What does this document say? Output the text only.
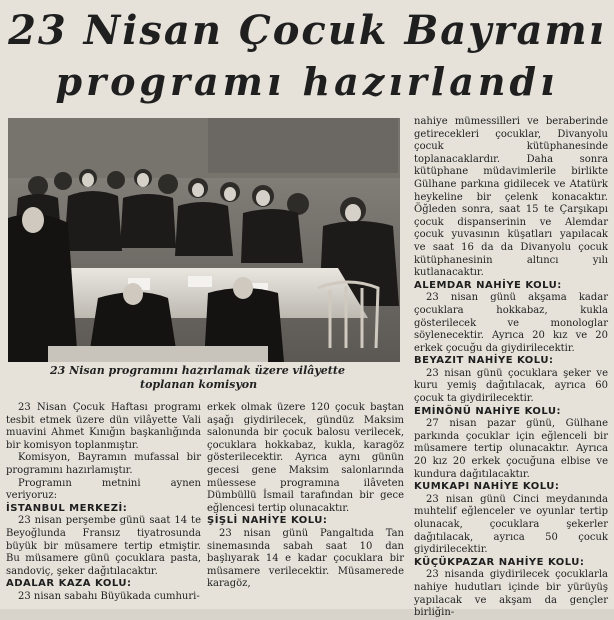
23 Nisan Çocuk Bayramı
programı hazırlandı
23 Nisan programını hazırlamak üzere vilâyette
toplanan komisyon

23 Nisan Çocuk Haftası programı tesbit etmek üzere dün vilâyette Vali muavini Ahmet Kınığın başkanlığında bir komisyon toplanmıştır.

Komisyon, Bayramın mufassal bir programını hazırlamıştır.

Programın metnini aynen veriyoruz:

İSTANBUL MERKEZİ:

23 nisan perşembe günü saat 14 te Beyoğlunda Fransız tiyatrosunda büyük bir müsamere tertip etmiştir. Bu müsamere günü çocuklara pasta, sandoviç, şeker dağıtılacaktır.

ADALAR KAZA KOLU:

23 nisan sabahı Büyükada cumhuri-

erkek olmak üzere 120 çocuk baştan aşağı giydirilecek, gündüz Maksim salonunda bir çocuk balosu verilecek, çocuklara hokkabaz, kukla, karagöz gösterilecektir. Ayrıca aynı günün gecesi gene Maksim salonlarında müessese programına ilâveten Dümbüllü İsmail tarafından bir gece eğlencesi tertip olunacaktır.

ŞİŞLİ NAHİYE KOLU:

23 nisan günü Pangaltıda Tan sinemasında sabah saat 10 dan başlıyarak 14 e kadar çocuklara bir müsamere verilecektir. Müsamerede karagöz,

nahiye mümessilleri ve beraberinde getirecekleri çocuklar, Divanyolu çocuk kütüphanesinde toplanacaklardır. Daha sonra kütüphane müdavimlerile birlikte Gülhane parkına gidilecek ve Atatürk heykeline bir çelenk konacaktır. Öğleden sonra, saat 15 te Çarşıkapı çocuk dispanserinin ve Alemdar çocuk yuvasının küşatları yapılacak ve saat 16 da da Divanyolu çocuk kütüphanesinin altıncı yılı kutlanacaktır.

ALEMDAR NAHİYE KOLU:

23 nisan günü akşama kadar çocuklara hokkabaz, kukla gösterilecek ve monologlar söylenecektir. Ayrıca 20 kız ve 20 erkek çocuğu da giydirilecektir.

BEYAZIT NAHİYE KOLU:

23 nisan günü çocuklara şeker ve kuru yemiş dağıtılacak, ayrıca 60 çocuk ta giydirilecektir.

EMİNÖNÜ NAHİYE KOLU:

27 nisan pazar günü, Gülhane parkında çocuklar için eğlenceli bir müsamere tertip olunacaktır. Ayrıca 20 kız 20 erkek çocuğuna elbise ve kundura dağıtılacaktır.

KUMKAPI NAHİYE KOLU:

23 nisan günü Cinci meydanında muhtelif eğlenceler ve oyunlar tertip olunacak, çocuklara şekerler dağıtılacak, ayrıca 50 çocuk giydirilecektir.

KÜÇÜKPAZAR NAHİYE KOLU:

23 nisanda giydirilecek çocuklarla nahiye hudutları içinde bir yürüyüş yapılacak ve akşam da gençler birliğin-
